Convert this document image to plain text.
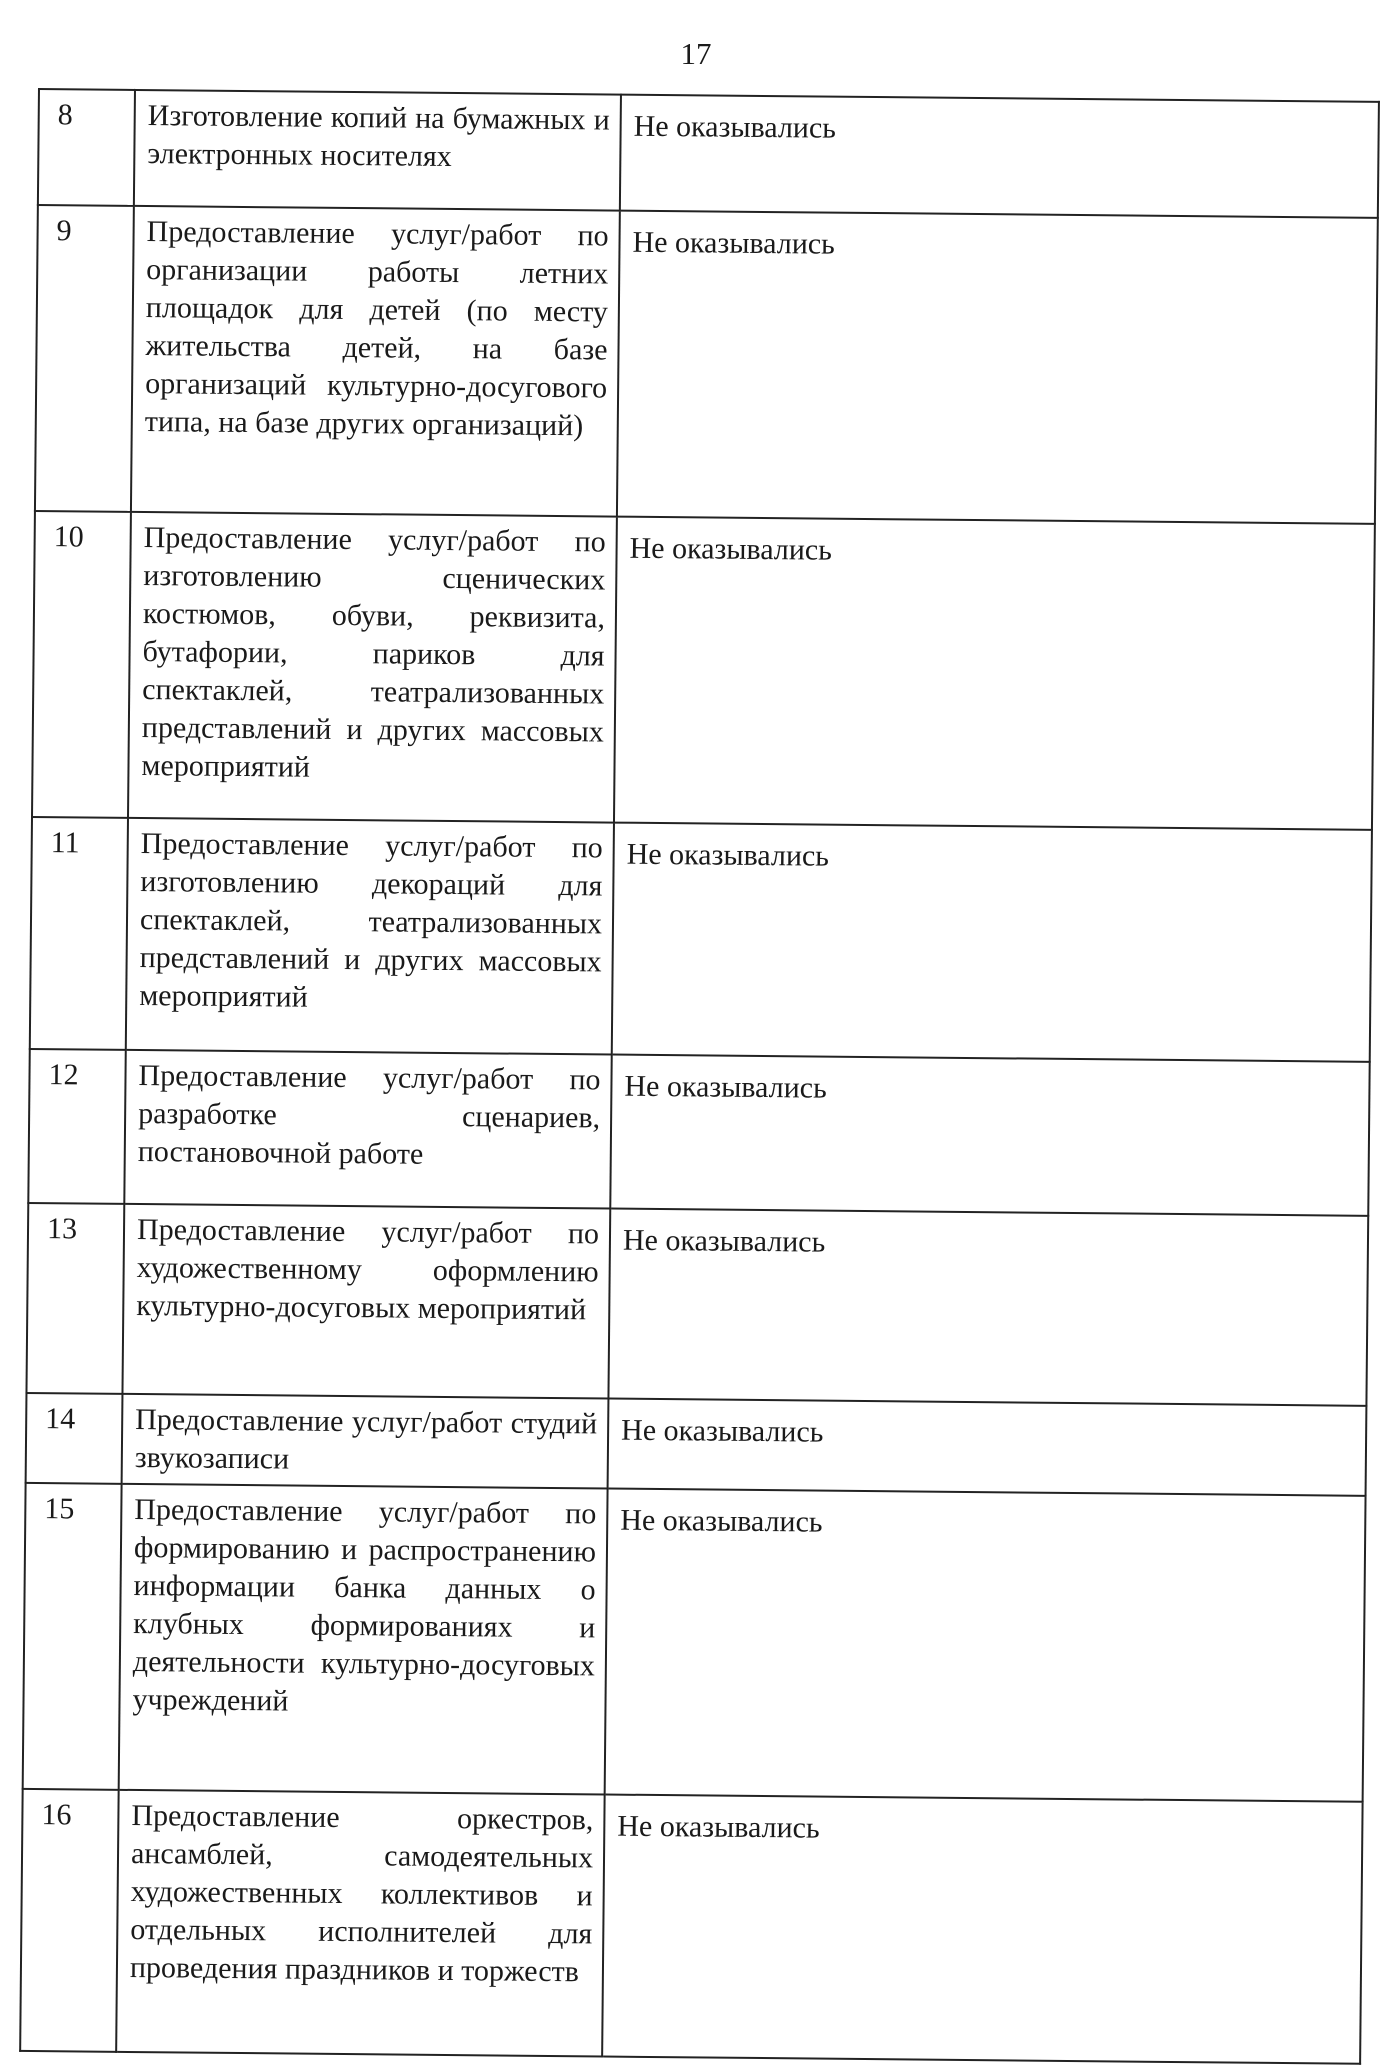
17
8	Изготовление копий на бумажных и электронных носителях	Не оказывались
9	Предоставление услуг/работ по организации работы летних площадок для детей (по месту жительства детей, на базе организаций культурно-досугового типа, на базе других организаций)	Не оказывались
10	Предоставление услуг/работ по изготовлению сценических костюмов, обуви, реквизита, бутафории, париков для спектаклей, театрализованных представлений и других массовых мероприятий	Не оказывались
11	Предоставление услуг/работ по изготовлению декораций для спектаклей, театрализованных представлений и других массовых мероприятий	Не оказывались
12	Предоставление услуг/работ по разработке сценариев, постановочной работе	Не оказывались
13	Предоставление услуг/работ по художественному оформлению культурно-досуговых мероприятий	Не оказывались
14	Предоставление услуг/работ студий звукозаписи	Не оказывались
15	Предоставление услуг/работ по формированию и распространению информации банка данных о клубных формированиях и деятельности культурно-досуговых учреждений	Не оказывались
16	Предоставление оркестров, ансамблей, самодеятельных художественных коллективов и отдельных исполнителей для проведения праздников и торжеств	Не оказывались
